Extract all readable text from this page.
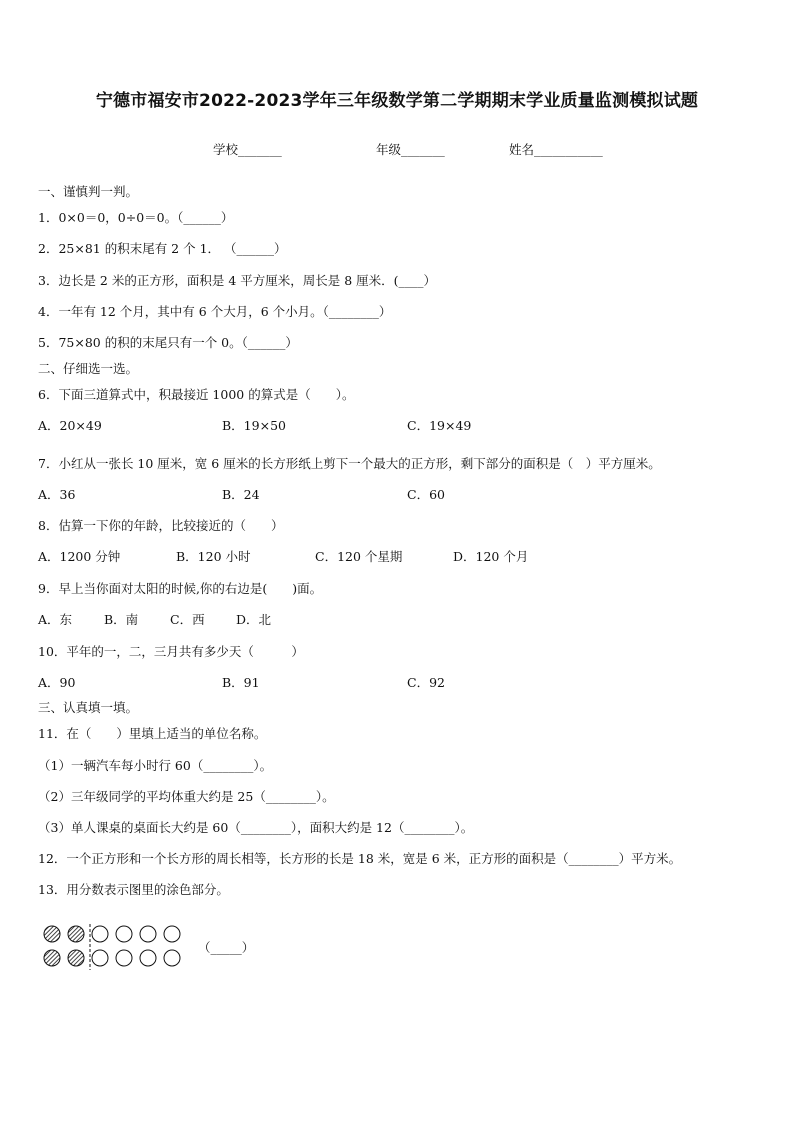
宁德市福安市2022-2023学年三年级数学第二学期期末学业质量监测模拟试题
学校_______	年级_______	姓名___________
一、谨慎判一判。
1．0×0＝0，0÷0＝0。（______）
2．25×81 的积末尾有 2 个 1． （______）
3．边长是 2 米的正方形，面积是 4 平方厘米，周长是 8 厘米．(____）
4．一年有 12 个月，其中有 6 个大月，6 个小月。（________）
5．75×80 的积的末尾只有一个 0。（______）
二、仔细选一选。
6．下面三道算式中，积最接近 1000 的算式是（　　）。
A．20×49	B．19×50	C．19×49
7．小红从一张长 10 厘米，宽 6 厘米的长方形纸上剪下一个最大的正方形，剩下部分的面积是（　）平方厘米。
A．36	B．24	C．60
8．估算一下你的年龄，比较接近的（　　）
A．1200 分钟	B．120 小时	C．120 个星期	D．120 个月
9．早上当你面对太阳的时候,你的右边是(　　)面。
A．东	B．南	C．西	D．北
10．平年的一，二，三月共有多少天（　　　）
A．90	B．91	C．92
三、认真填一填。
11．在（　　）里填上适当的单位名称。
（1）一辆汽车每小时行 60（________）。
（2）三年级同学的平均体重大约是 25（________）。
（3）单人课桌的桌面长大约是 60（________），面积大约是 12（________）。
12．一个正方形和一个长方形的周长相等，长方形的长是 18 米，宽是 6 米，正方形的面积是（________）平方米。
13．用分数表示图里的涂色部分。
（_____）
